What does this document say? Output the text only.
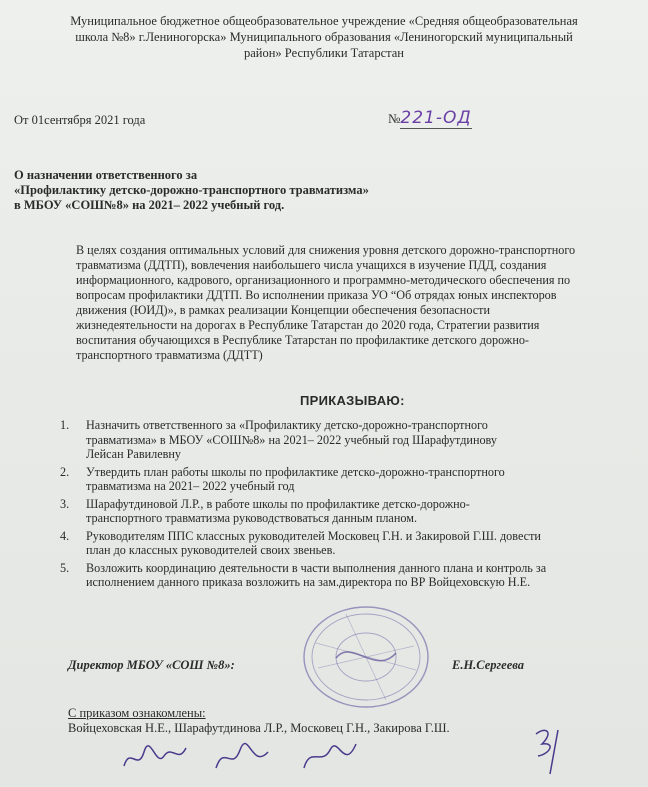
Муниципальное бюджетное общеобразовательное учреждение «Средняя общеобразовательная
школа №8» г.Лениногорска» Муниципального образования «Лениногорский муниципальный
район» Республики Татарстан
От 01сентября 2021 года	№221-ОД
О назначении ответственного за
«Профилактику детско-дорожно-транспортного травматизма»
в МБОУ «СОШ№8» на 2021– 2022 учебный год.
В целях создания оптимальных условий для снижения уровня детского дорожно-транспортного
травматизма (ДДТП), вовлечения наибольшего числа учащихся в изучение ПДД, создания
информационного, кадрового, организационного и программно-методического обеспечения по
вопросам профилактики ДДТП. Во исполнении приказа УО “Об отрядах юных инспекторов
движения (ЮИД)», в рамках реализации Концепции обеспечения безопасности
жизнедеятельности на дорогах в Республике Татарстан до 2020 года, Стратегии развития
воспитания обучающихся в Республике Татарстан по профилактике детского дорожно-
транспортного травматизма (ДДТТ)
ПРИКАЗЫВАЮ:
1. Назначить ответственного за «Профилактику детско-дорожно-транспортного
травматизма» в МБОУ «СОШ№8» на 2021– 2022 учебный год Шарафутдинову
Лейсан Равилевну
2. Утвердить план работы школы по профилактике детско-дорожно-транспортного
травматизма на 2021– 2022 учебный год
3. Шарафутдиновой Л.Р., в работе школы по профилактике детско-дорожно-
транспортного травматизма руководствоваться данным планом.
4. Руководителям ППС классных руководителей Московец Г.Н. и Закировой Г.Ш. довести
план до классных руководителей своих звеньев.
5. Возложить координацию деятельности в части выполнения данного плана и контроль за
исполнением данного приказа возложить на зам.директора по ВР Войцеховскую Н.Е.
Директор МБОУ «СОШ №8»:	Е.Н.Сергеева
С приказом ознакомлены:
Войцеховская Н.Е., Шарафутдинова Л.Р., Московец Г.Н., Закирова Г.Ш.
